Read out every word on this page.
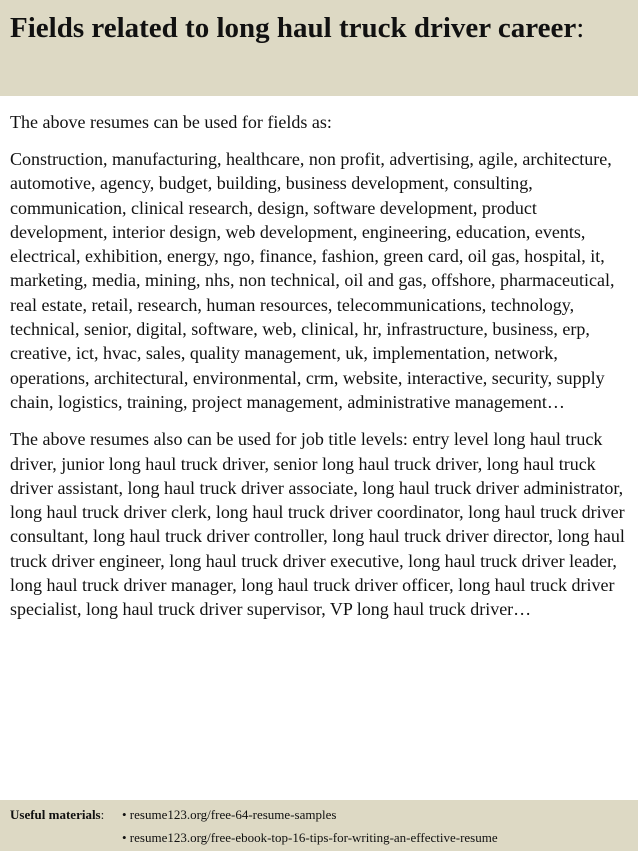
Fields related to long haul truck driver career:

The above resumes can be used for fields as:

Construction, manufacturing, healthcare, non profit, advertising, agile, architecture, automotive, agency, budget, building, business development, consulting, communication, clinical research, design, software development, product development, interior design, web development, engineering, education, events, electrical, exhibition, energy, ngo, finance, fashion, green card, oil gas, hospital, it, marketing, media, mining, nhs, non technical, oil and gas, offshore, pharmaceutical, real estate, retail, research, human resources, telecommunications, technology, technical, senior, digital, software, web, clinical, hr, infrastructure, business, erp, creative, ict, hvac, sales, quality management, uk, implementation, network, operations, architectural, environmental, crm, website, interactive, security, supply chain, logistics, training, project management, administrative management…

The above resumes also can be used for job title levels: entry level long haul truck driver, junior long haul truck driver, senior long haul truck driver, long haul truck driver assistant, long haul truck driver associate, long haul truck driver administrator, long haul truck driver clerk, long haul truck driver coordinator, long haul truck driver consultant, long haul truck driver controller, long haul truck driver director, long haul truck driver engineer, long haul truck driver executive, long haul truck driver leader, long haul truck driver manager, long haul truck driver officer, long haul truck driver specialist, long haul truck driver supervisor, VP long haul truck driver…

Useful materials:	• resume123.org/free-64-resume-samples
• resume123.org/free-ebook-top-16-tips-for-writing-an-effective-resume
